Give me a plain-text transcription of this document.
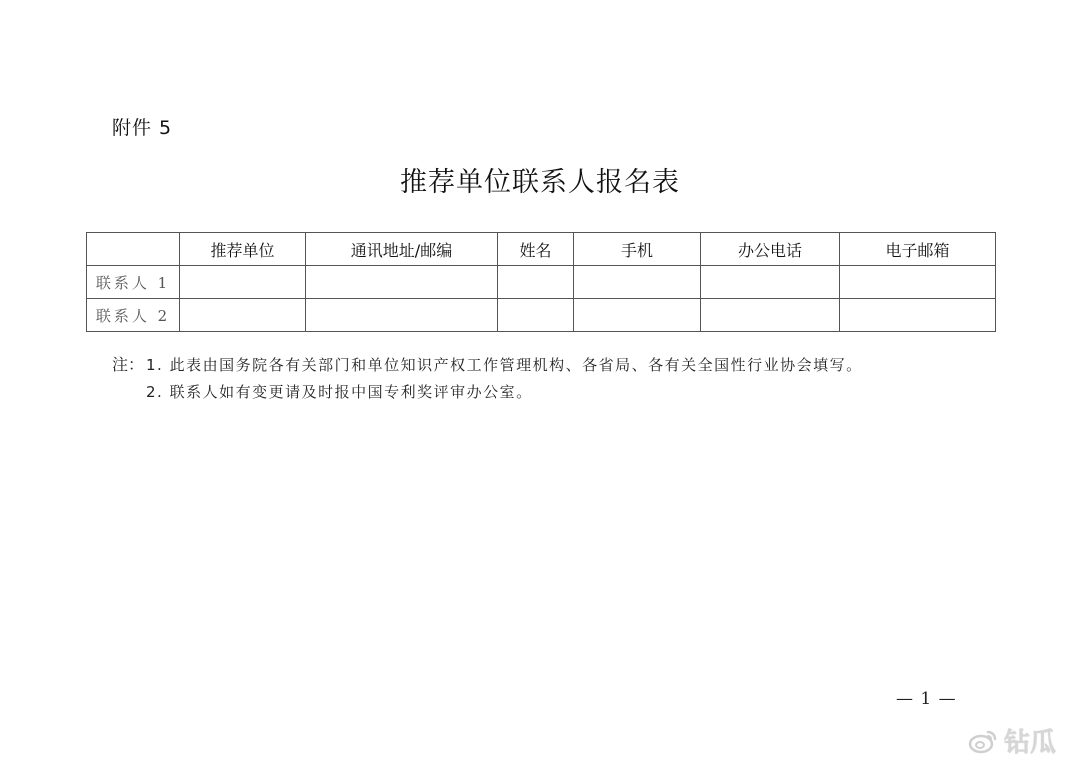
附件 5
推荐单位联系人报名表
	推荐单位	通讯地址/邮编	姓名	手机	办公电话	电子邮箱
联系人 1						
联系人 2						
注： 1. 此表由国务院各有关部门和单位知识产权工作管理机构、各省局、各有关全国性行业协会填写。
2. 联系人如有变更请及时报中国专利奖评审办公室。
— 1 —
钻瓜
